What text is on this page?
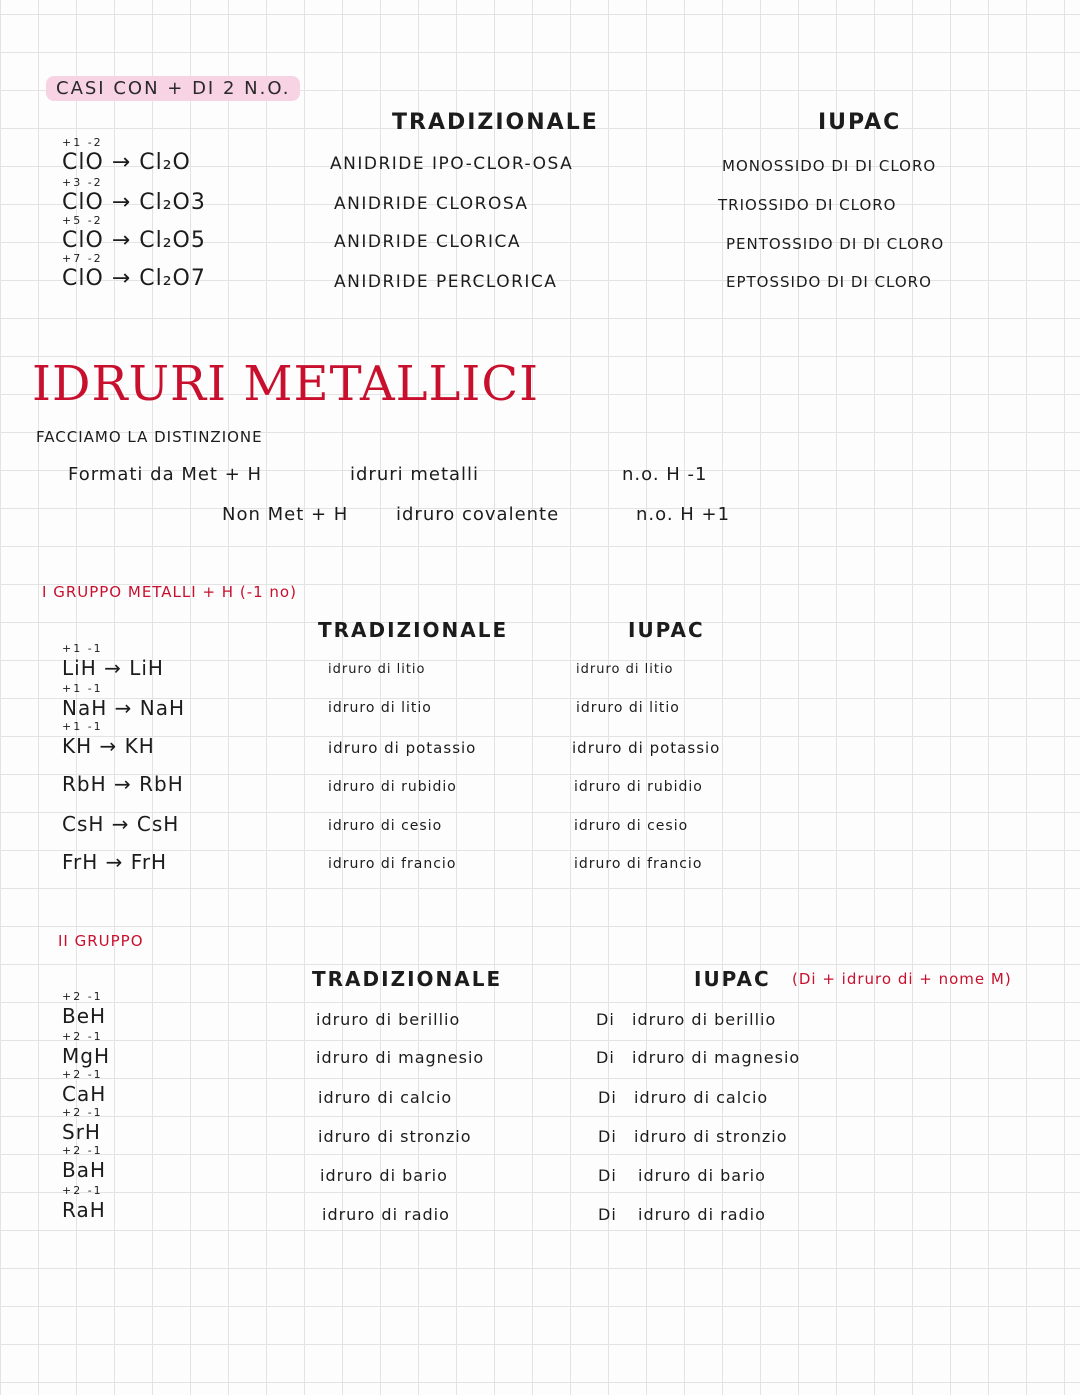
CASI CON + DI 2 N.O.
TRADIZIONALE	IUPAC
+1 -2
ClO → Cl₂O	ANIDRIDE IPO-CLOR-OSA	MONOSSIDO DI DI CLORO
+3 -2
ClO → Cl₂O3	ANIDRIDE CLOROSA	TRIOSSIDO DI CLORO
+5 -2
ClO → Cl₂O5	ANIDRIDE CLORICA	PENTOSSIDO DI DI CLORO
+7 -2
ClO → Cl₂O7	ANIDRIDE PERCLORICA	EPTOSSIDO DI DI CLORO
IDRURI METALLICI
FACCIAMO LA DISTINZIONE
Formati da Met + H	idruri metalli	n.o. H -1
Non Met + H	idruro covalente	n.o. H +1
I GRUPPO METALLI + H (-1 no)
TRADIZIONALE	IUPAC
+1 -1
LiH → LiH	idruro di litio	idruro di litio
+1 -1
NaH → NaH	idruro di litio	idruro di litio
+1 -1
KH → KH	idruro di potassio	idruro di potassio
RbH → RbH	idruro di rubidio	idruro di rubidio
CsH → CsH	idruro di cesio	idruro di cesio
FrH → FrH	idruro di francio	idruro di francio
II GRUPPO
TRADIZIONALE	IUPAC (Di + idruro di + nome M)
+2 -1
BeH	idruro di berillio	Di idruro di berillio
+2 -1
MgH	idruro di magnesio	Di idruro di magnesio
+2 -1
CaH	idruro di calcio	Di idruro di calcio
+2 -1
SrH	idruro di stronzio	Di idruro di stronzio
+2 -1
BaH	idruro di bario	Di idruro di bario
+2 -1
RaH	idruro di radio	Di idruro di radio
